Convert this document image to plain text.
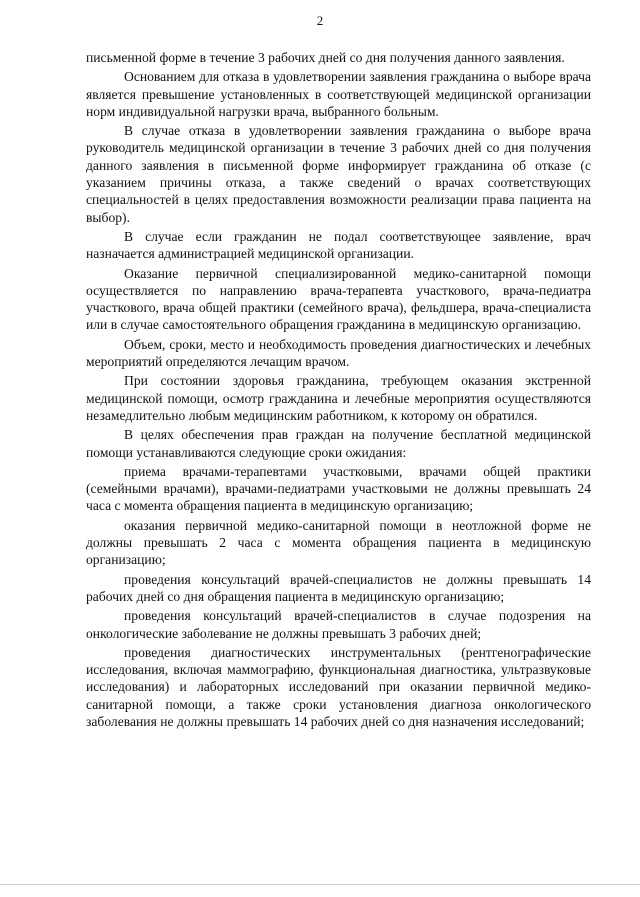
2

письменной форме в течение 3 рабочих дней со дня получения данного заявления.

Основанием для отказа в удовлетворении заявления гражданина о выборе врача является превышение установленных в соответствующей медицинской организации норм индивидуальной нагрузки врача, выбранного больным.

В случае отказа в удовлетворении заявления гражданина о выборе врача руководитель медицинской организации в течение 3 рабочих дней со дня получения данного заявления в письменной форме информирует гражданина об отказе (с указанием причины отказа, а также сведений о врачах соответствующих специальностей в целях предоставления возможности реализации права пациента на выбор).

В случае если гражданин не подал соответствующее заявление, врач назначается администрацией медицинской организации.

Оказание первичной специализированной медико-санитарной помощи осуществляется по направлению врача-терапевта участкового, врача-педиатра участкового, врача общей практики (семейного врача), фельдшера, врача-специалиста или в случае самостоятельного обращения гражданина в медицинскую организацию.

Объем, сроки, место и необходимость проведения диагностических и лечебных мероприятий определяются лечащим врачом.

При состоянии здоровья гражданина, требующем оказания экстренной медицинской помощи, осмотр гражданина и лечебные мероприятия осуществляются незамедлительно любым медицинским работником, к которому он обратился.

В целях обеспечения прав граждан на получение бесплатной медицинской помощи устанавливаются следующие сроки ожидания:

приема врачами-терапевтами участковыми, врачами общей практики (семейными врачами), врачами-педиатрами участковыми не должны превышать 24 часа с момента обращения пациента в медицинскую организацию;

оказания первичной медико-санитарной помощи в неотложной форме не должны превышать 2 часа с момента обращения пациента в медицинскую организацию;

проведения консультаций врачей-специалистов не должны превышать 14 рабочих дней со дня обращения пациента в медицинскую организацию;

проведения консультаций врачей-специалистов в случае подозрения на онкологические заболевание не должны превышать 3 рабочих дней;

проведения диагностических инструментальных (рентгенографические исследования, включая маммографию, функциональная диагностика, ультразвуковые исследования) и лабораторных исследований при оказании первичной медико-санитарной помощи, а также сроки установления диагноза онкологического заболевания не должны превышать 14 рабочих дней со дня назначения исследований;
